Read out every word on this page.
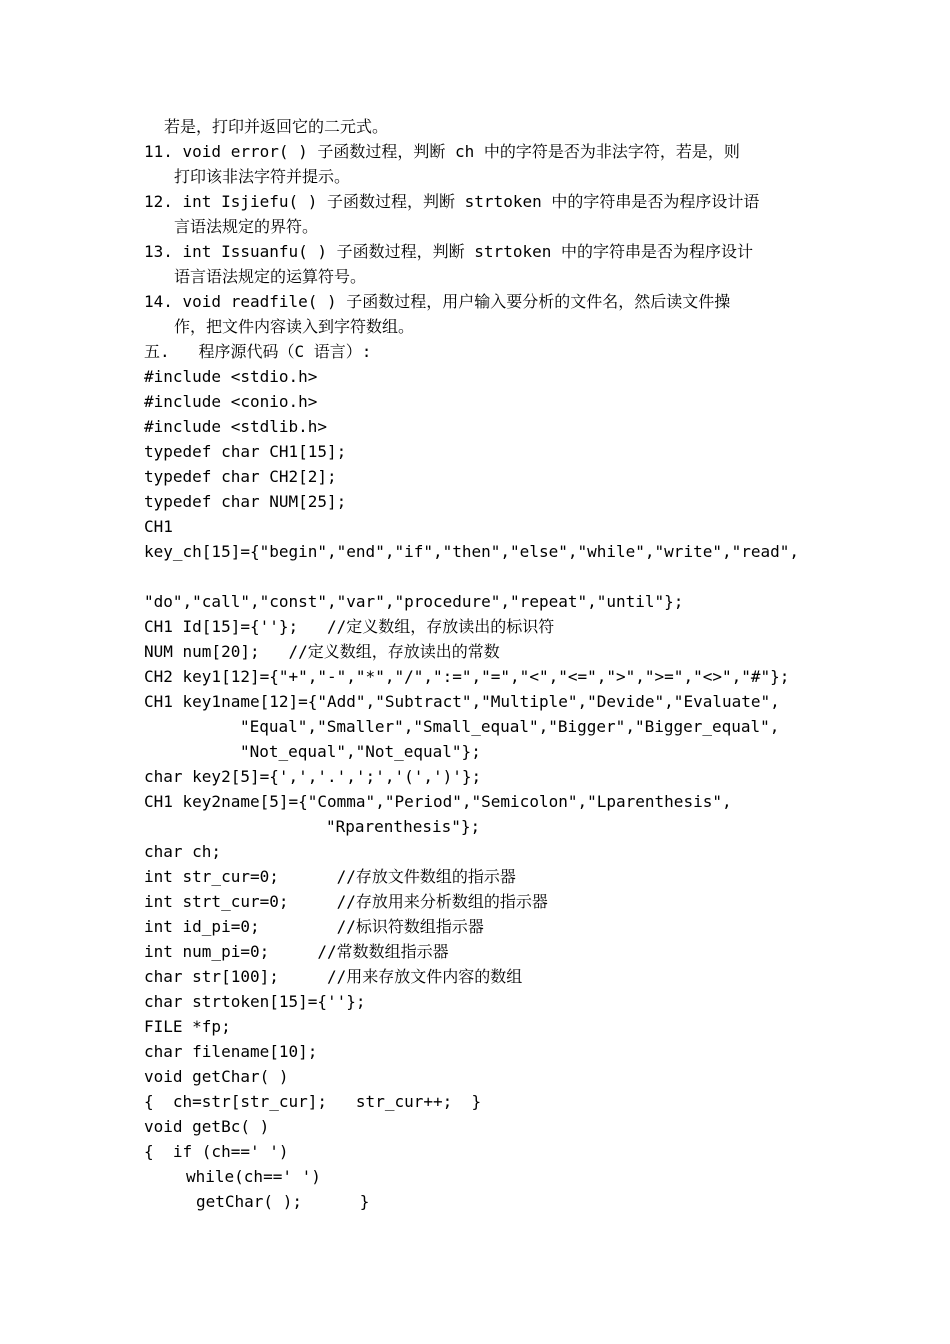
若是，打印并返回它的二元式。
11. void error( ) 子函数过程，判断 ch 中的字符是否为非法字符，若是，则
打印该非法字符并提示。
12. int Isjiefu( ) 子函数过程，判断 strtoken 中的字符串是否为程序设计语
言语法规定的界符。
13. int Issuanfu( ) 子函数过程，判断 strtoken 中的字符串是否为程序设计
语言语法规定的运算符号。
14. void readfile( ) 子函数过程，用户输入要分析的文件名，然后读文件操
作，把文件内容读入到字符数组。
五.   程序源代码（C 语言）:
#include <stdio.h>
#include <conio.h>
#include <stdlib.h>
typedef char CH1[15];
typedef char CH2[2];
typedef char NUM[25];
CH1
key_ch[15]={"begin","end","if","then","else","while","write","read",
"do","call","const","var","procedure","repeat","until"};
CH1 Id[15]={''};   //定义数组，存放读出的标识符
NUM num[20];   //定义数组，存放读出的常数
CH2 key1[12]={"+","-","*","/",":=","=","<","<=",">",">=","<>","#"};
CH1 key1name[12]={"Add","Subtract","Multiple","Devide","Evaluate",
"Equal","Smaller","Small_equal","Bigger","Bigger_equal",
"Not_equal","Not_equal"};
char key2[5]={',','.',';','(',')'};
CH1 key2name[5]={"Comma","Period","Semicolon","Lparenthesis",
"Rparenthesis"};
char ch;
int str_cur=0;      //存放文件数组的指示器
int strt_cur=0;     //存放用来分析数组的指示器
int id_pi=0;        //标识符数组指示器
int num_pi=0;     //常数数组指示器
char str[100];     //用来存放文件内容的数组
char strtoken[15]={''};
FILE *fp;
char filename[10];
void getChar( )
{  ch=str[str_cur];   str_cur++;  }
void getBc( )
{  if (ch==' ')
while(ch==' ')
getChar( );      }
